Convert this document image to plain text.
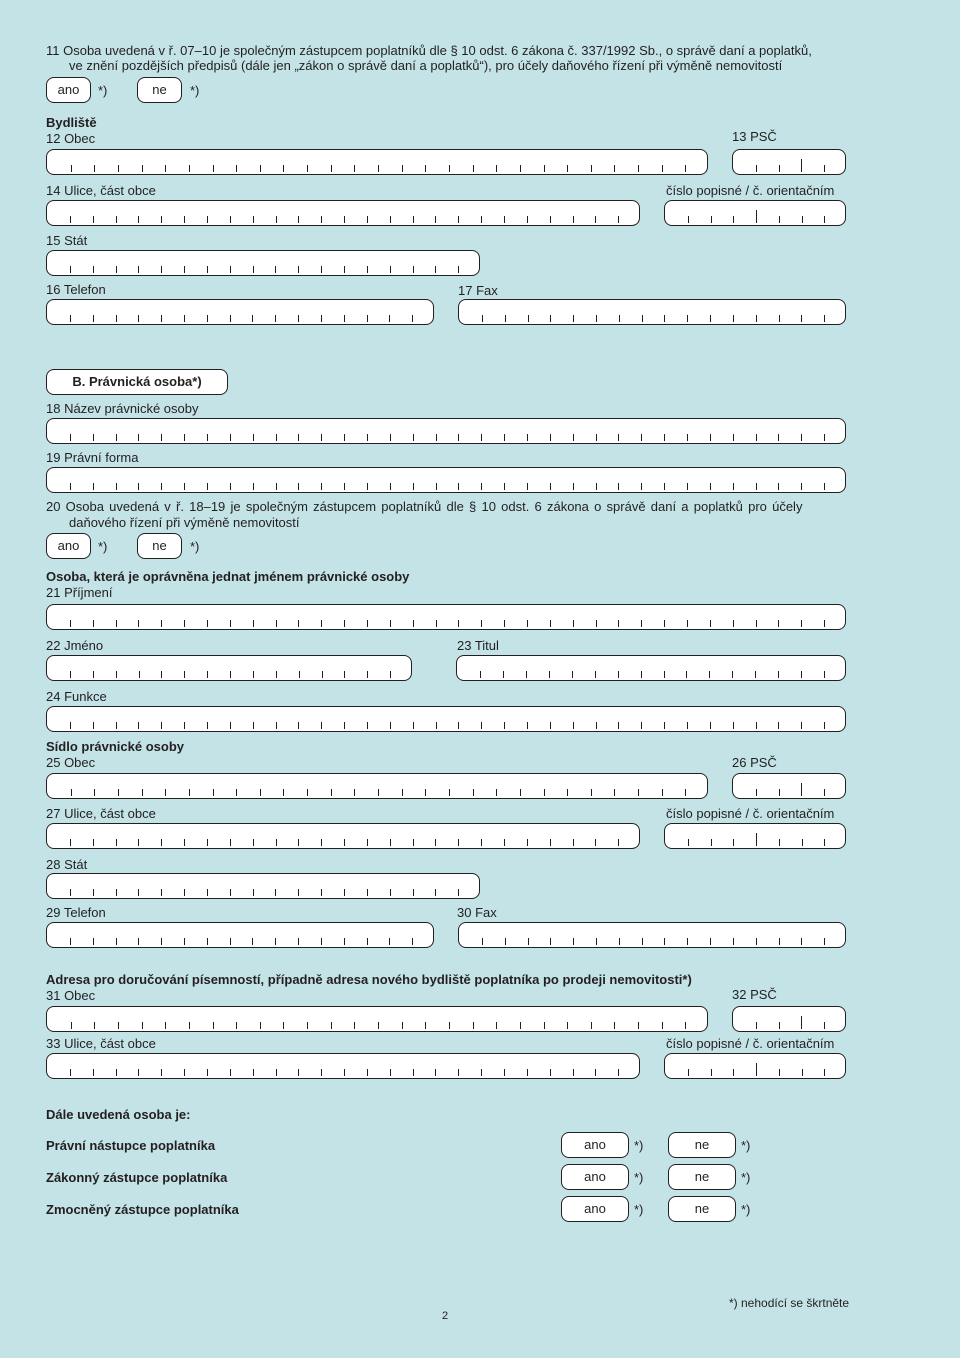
11 Osoba uvedená v ř. 07–10 je společným zástupcem poplatníků dle § 10 odst. 6 zákona č. 337/1992 Sb., o správě daní a poplatků,
ve znění pozdějších předpisů (dále jen „zákon o správě daní a poplatků“), pro účely daňového řízení při výměně nemovitostí
ano	*)	ne	*)
Bydliště
12 Obec	13 PSČ
14 Ulice, část obce	číslo popisné / č. orientačním
15 Stát
16 Telefon	17 Fax
B. Právnická osoba*)
18 Název právnické osoby
19 Právní forma
20 Osoba uvedená v ř. 18–19 je společným zástupcem poplatníků dle § 10 odst. 6 zákona o správě daní a poplatků pro účely
daňového řízení při výměně nemovitostí
ano	*)	ne	*)
Osoba, která je oprávněna jednat jménem právnické osoby
21 Příjmení
22 Jméno	23 Titul
24 Funkce
Sídlo právnické osoby
25 Obec	26 PSČ
27 Ulice, část obce	číslo popisné / č. orientačním
28 Stát
29 Telefon	30 Fax
Adresa pro doručování písemností, případně adresa nového bydliště poplatníka po prodeji nemovitosti*)
31 Obec	32 PSČ
33 Ulice, část obce	číslo popisné / č. orientačním
Dále uvedená osoba je:
Právní nástupce poplatníka	ano	*)	ne	*)
Zákonný zástupce poplatníka	ano	*)	ne	*)
Zmocněný zástupce poplatníka	ano	*)	ne	*)
*) nehodící se škrtněte
2
